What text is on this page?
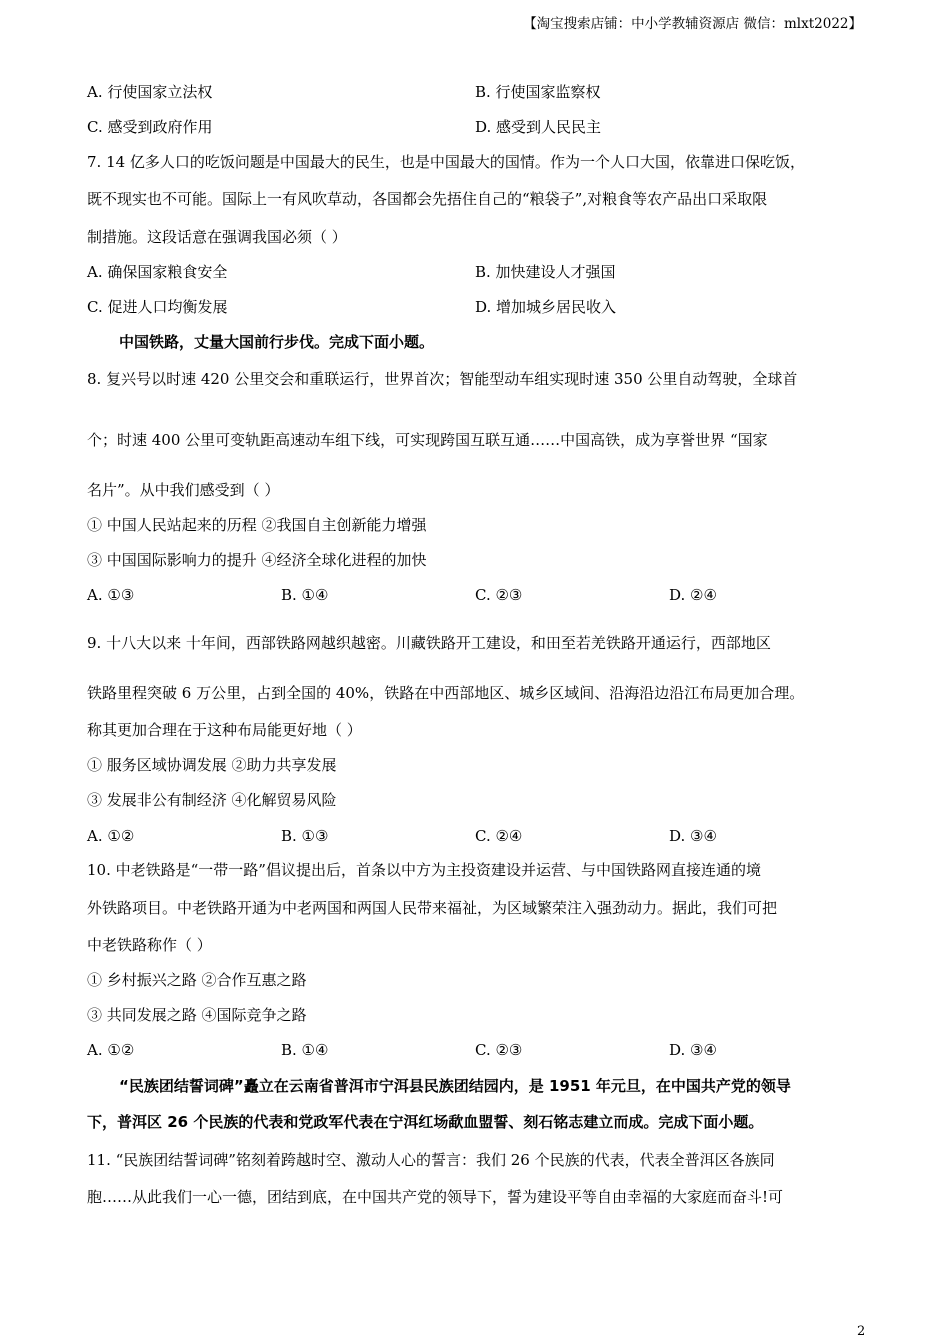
【淘宝搜索店铺：中小学教辅资源店 微信：mlxt2022】
A. 行使国家立法权	B. 行使国家监察权
C. 感受到政府作用	D. 感受到人民民主
7. 14 亿多人口的吃饭问题是中国最大的民生，也是中国最大的国情。作为一个人口大国，依靠进口保吃饭，
既不现实也不可能。国际上一有风吹草动，各国都会先捂住自己的“粮袋子”,对粮食等农产品出口采取限
制措施。这段话意在强调我国必须（ ）
A. 确保国家粮食安全	B. 加快建设人才强国
C. 促进人口均衡发展	D. 增加城乡居民收入
中国铁路，丈量大国前行步伐。完成下面小题。
8. 复兴号以时速 420 公里交会和重联运行，世界首次；智能型动车组实现时速 350 公里自动驾驶，全球首
个；时速 400 公里可变轨距高速动车组下线，可实现跨国互联互通……中国高铁，成为享誉世界 “国家
名片”。从中我们感受到（ ）
① 中国人民站起来的历程 ②我国自主创新能力增强
③ 中国国际影响力的提升 ④经济全球化进程的加快
A. ①③	B. ①④	C. ②③	D. ②④
9. 十八大以来 十年间，西部铁路网越织越密。川藏铁路开工建设，和田至若羌铁路开通运行，西部地区
铁路里程突破 6 万公里，占到全国的 40%，铁路在中西部地区、城乡区域间、沿海沿边沿江布局更加合理。
称其更加合理在于这种布局能更好地（ ）
① 服务区域协调发展 ②助力共享发展
③ 发展非公有制经济 ④化解贸易风险
A. ①②	B. ①③	C. ②④	D. ③④
10. 中老铁路是“一带一路”倡议提出后，首条以中方为主投资建设并运营、与中国铁路网直接连通的境
外铁路项目。中老铁路开通为中老两国和两国人民带来福祉，为区域繁荣注入强劲动力。据此，我们可把
中老铁路称作（ ）
① 乡村振兴之路 ②合作互惠之路
③ 共同发展之路 ④国际竞争之路
A. ①②	B. ①④	C. ②③	D. ③④
“民族团结誓词碑”矗立在云南省普洱市宁洱县民族团结园内，是 1951 年元旦，在中国共产党的领导
下，普洱区 26 个民族的代表和党政军代表在宁洱红场歃血盟誓、刻石铭志建立而成。完成下面小题。
11. “民族团结誓词碑”铭刻着跨越时空、激动人心的誓言：我们 26 个民族的代表，代表全普洱区各族同
胞……从此我们一心一德，团结到底，在中国共产党的领导下，誓为建设平等自由幸福的大家庭而奋斗!可
2
